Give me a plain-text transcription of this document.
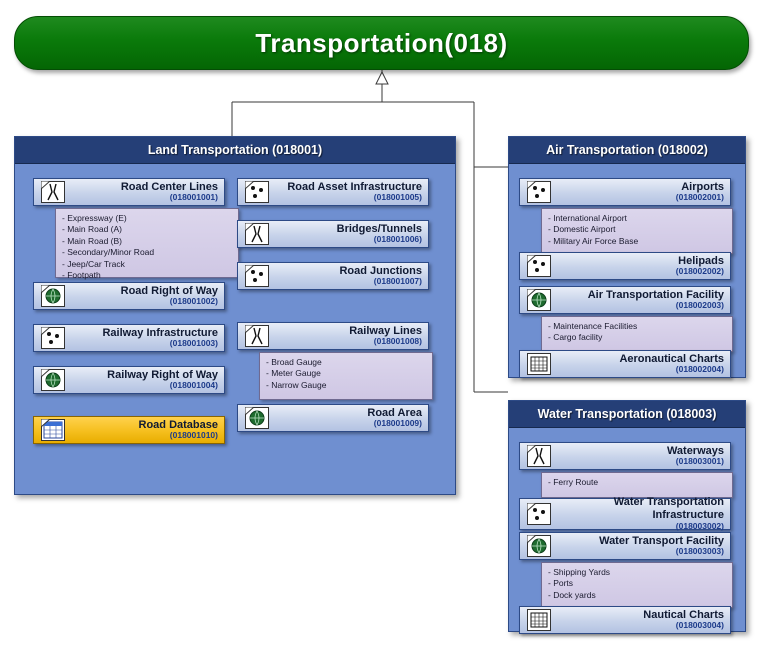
Transportation(018)
Land Transportation (018001)
Road Center Lines
(018001001)
- Expressway (E)
- Main Road (A)
- Main Road (B)
- Secondary/Minor Road
- Jeep/Car Track
- Footpath
Road Right of Way
(018001002)
Railway Infrastructure
(018001003)
Railway Right of Way
(018001004)
Road Database
(018001010)
Road Asset Infrastructure
(018001005)
Bridges/Tunnels
(018001006)
Road Junctions
(018001007)
Railway Lines
(018001008)
- Broad Gauge
- Meter Gauge
- Narrow Gauge
Road Area
(018001009)
Air Transportation (018002)
Airports
(018002001)
- International Airport
- Domestic Airport
- Military Air Force Base
Helipads
(018002002)
Air Transportation Facility
(018002003)
- Maintenance Facilities
- Cargo facility
Aeronautical Charts
(018002004)
Water Transportation (018003)
Waterways
(018003001)
- Ferry Route
Water Transportation Infrastructure
(018003002)
Water Transport Facility
(018003003)
- Shipping Yards
- Ports
- Dock yards
Nautical Charts
(018003004)
